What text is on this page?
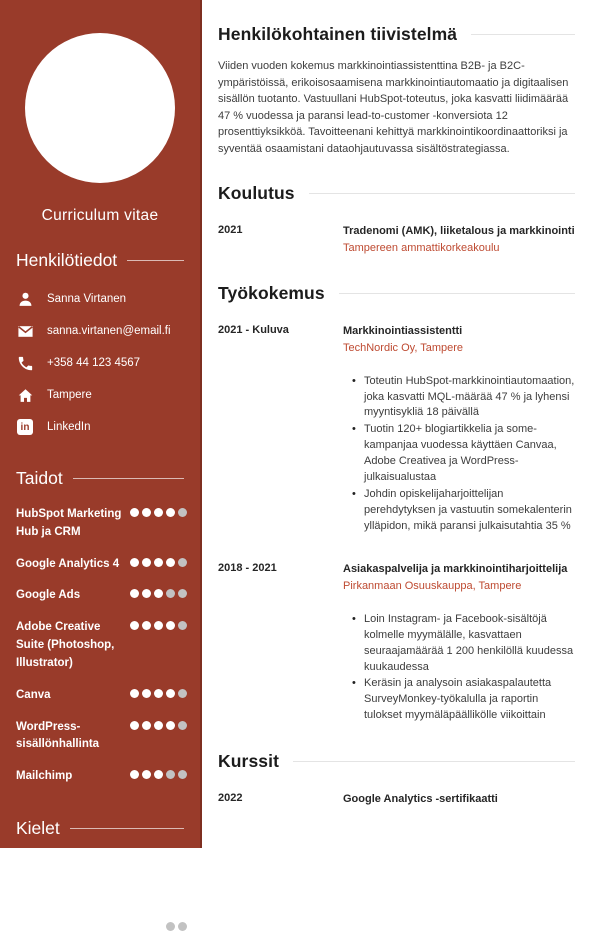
Curriculum vitae
Henkilötiedot
Sanna Virtanen
sanna.virtanen@email.fi
+358 44 123 4567
Tampere
in	LinkedIn
Taidot
HubSpot Marketing Hub ja CRM
Google Analytics 4
Google Ads
Adobe Creative Suite (Photoshop, Illustrator)
Canva
WordPress-sisällönhallinta
Mailchimp
Kielet
Suomi
Englanti
Ruotsi
Henkilökohtainen tiivistelmä

Viiden vuoden kokemus markkinointiassistenttina B2B- ja B2C-ympäristöissä, erikoisosaamisena markkinointiautomaatio ja digitaalisen sisällön tuotanto. Vastuullani HubSpot-toteutus, joka kasvatti liidimäärää 47 % vuodessa ja paransi lead-to-customer -konversiota 12 prosenttiyksikköä. Tavoitteenani kehittyä markkinointikoordinaattoriksi ja syventää osaamistani dataohjautuvassa sisältöstrategiassa.

Koulutus
2021	Tradenomi (AMK), liiketalous ja markkinointi
Tampereen ammattikorkeakoulu
Työkokemus
2021 - Kuluva	Markkinointiassistentti
TechNordic Oy, Tampere
• Toteutin HubSpot-markkinointiautomaation, joka kasvatti MQL-määrää 47 % ja lyhensi myyntisykliä 18 päivällä
• Tuotin 120+ blogiartikkelia ja some-kampanjaa vuodessa käyttäen Canvaa, Adobe Creativea ja WordPress-julkaisualustaa
• Johdin opiskelijaharjoittelijan perehdytyksen ja vastuutin somekalenterin ylläpidon, mikä paransi julkaisutahtia 35 %
2018 - 2021	Asiakaspalvelija ja markkinointiharjoittelija
Pirkanmaan Osuuskauppa, Tampere
• Loin Instagram- ja Facebook-sisältöjä kolmelle myymälälle, kasvattaen seuraajamäärää 1 200 henkilöllä kuudessa kuukaudessa
• Keräsin ja analysoin asiakaspalautetta SurveyMonkey-työkalulla ja raportin tulokset myymäläpäällikölle viikoittain
Kurssit
2022	Google Analytics -sertifikaatti
